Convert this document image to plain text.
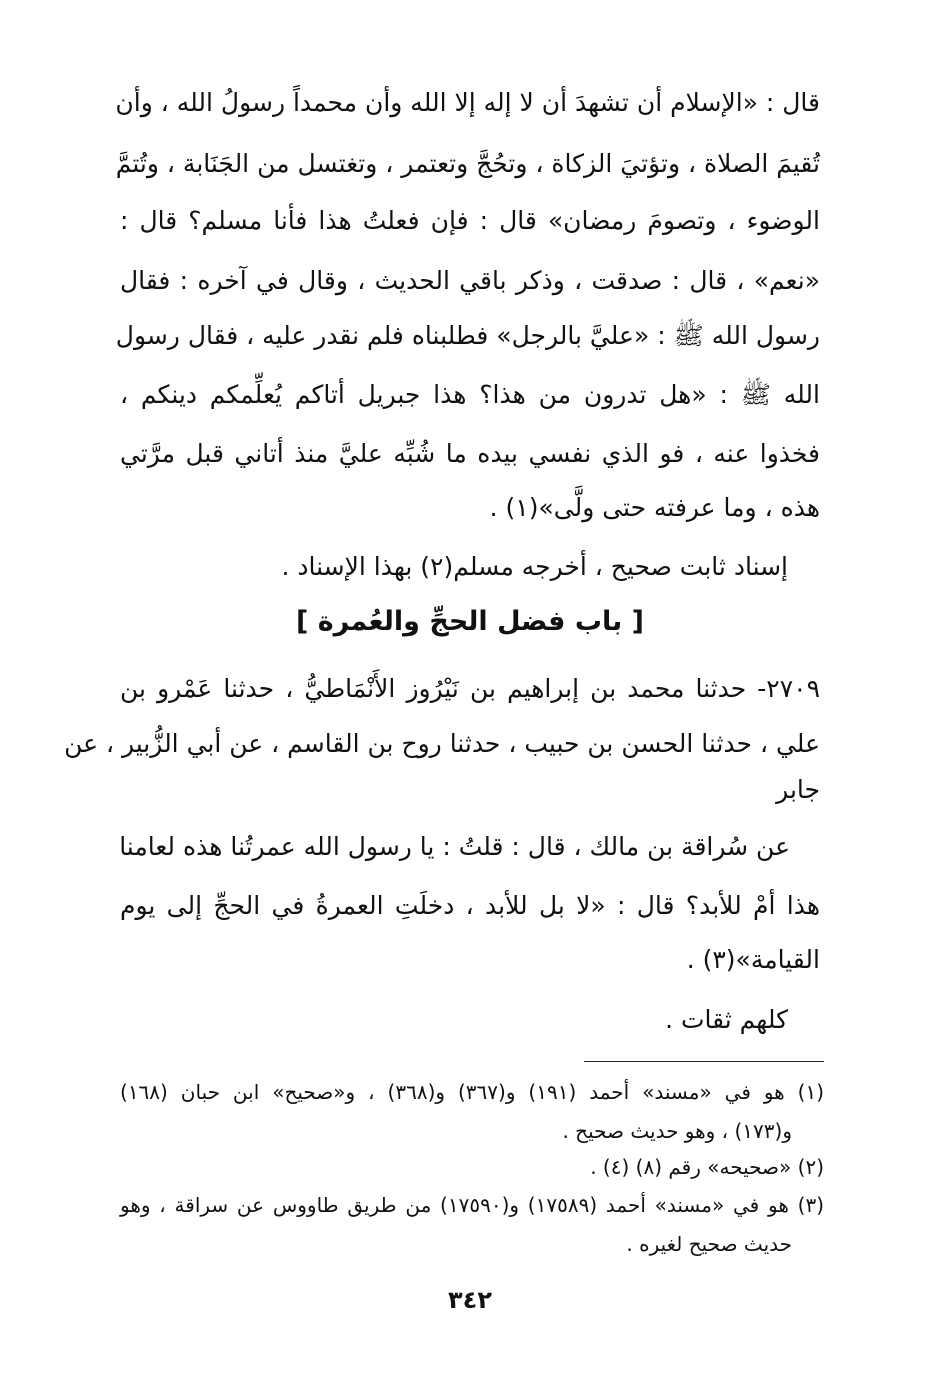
قال : «الإسلام أن تشهدَ أن لا إله إلا الله وأن محمداً رسولُ الله ، وأن
تُقيمَ الصلاة ، وتؤتيَ الزكاة ، وتحُجَّ وتعتمر ، وتغتسل من الجَنَابة ، وتُتمَّ
الوضوء ، وتصومَ رمضان» قال : فإن فعلتُ هذا فأنا مسلم؟ قال :
«نعم» ، قال : صدقت ، وذكر باقي الحديث ، وقال في آخره : فقال
رسول الله ﷺ : «عليَّ بالرجل» فطلبناه فلم نقدر عليه ، فقال رسول
الله ﷺ : «هل تدرون من هذا؟ هذا جبريل أتاكم يُعلِّمكم دينكم ،
فخذوا عنه ، فو الذي نفسي بيده ما شُبِّه عليَّ منذ أتاني قبل مرَّتي
هذه ، وما عرفته حتى ولَّى»(١) .
إسناد ثابت صحيح ، أخرجه مسلم(٢) بهذا الإسناد .
[ باب فضل الحجِّ والعُمرة ]
٢٧٠٩- حدثنا محمد بن إبراهيم بن نَيْرُوز الأَنْمَاطيُّ ، حدثنا عَمْرو بن
علي ، حدثنا الحسن بن حبيب ، حدثنا روح بن القاسم ، عن أبي الزُّبير ، عن
جابر
عن سُراقة بن مالك ، قال : قلتُ : يا رسول الله عمرتُنا هذه لعامنا
هذا أمْ للأبد؟ قال : «لا بل للأبد ، دخلَتِ العمرةُ في الحجِّ إلى يوم
القيامة»(٣) .
كلهم ثقات .
(١) هو في «مسند» أحمد (١٩١) و(٣٦٧) و(٣٦٨) ، و«صحيح» ابن حبان (١٦٨)
و(١٧٣) ، وهو حديث صحيح .
(٢) «صحيحه» رقم (٨) (٤) .
(٣) هو في «مسند» أحمد (١٧٥٨٩) و(١٧٥٩٠) من طريق طاووس عن سراقة ، وهو
حديث صحيح لغيره .
٣٤٢
